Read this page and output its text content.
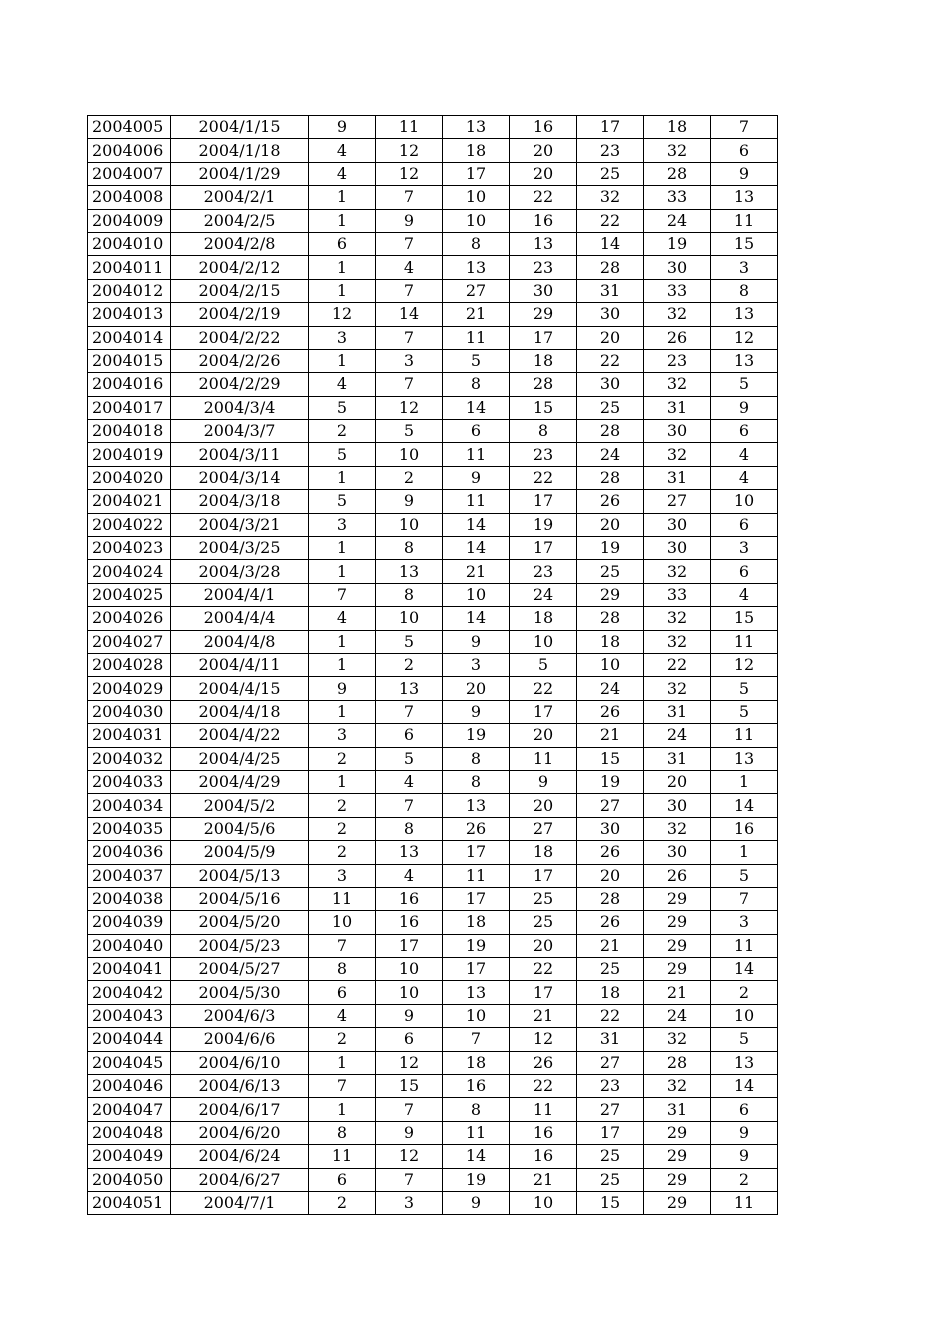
2004005	2004/1/15	9	11	13	16	17	18	7
2004006	2004/1/18	4	12	18	20	23	32	6
2004007	2004/1/29	4	12	17	20	25	28	9
2004008	2004/2/1	1	7	10	22	32	33	13
2004009	2004/2/5	1	9	10	16	22	24	11
2004010	2004/2/8	6	7	8	13	14	19	15
2004011	2004/2/12	1	4	13	23	28	30	3
2004012	2004/2/15	1	7	27	30	31	33	8
2004013	2004/2/19	12	14	21	29	30	32	13
2004014	2004/2/22	3	7	11	17	20	26	12
2004015	2004/2/26	1	3	5	18	22	23	13
2004016	2004/2/29	4	7	8	28	30	32	5
2004017	2004/3/4	5	12	14	15	25	31	9
2004018	2004/3/7	2	5	6	8	28	30	6
2004019	2004/3/11	5	10	11	23	24	32	4
2004020	2004/3/14	1	2	9	22	28	31	4
2004021	2004/3/18	5	9	11	17	26	27	10
2004022	2004/3/21	3	10	14	19	20	30	6
2004023	2004/3/25	1	8	14	17	19	30	3
2004024	2004/3/28	1	13	21	23	25	32	6
2004025	2004/4/1	7	8	10	24	29	33	4
2004026	2004/4/4	4	10	14	18	28	32	15
2004027	2004/4/8	1	5	9	10	18	32	11
2004028	2004/4/11	1	2	3	5	10	22	12
2004029	2004/4/15	9	13	20	22	24	32	5
2004030	2004/4/18	1	7	9	17	26	31	5
2004031	2004/4/22	3	6	19	20	21	24	11
2004032	2004/4/25	2	5	8	11	15	31	13
2004033	2004/4/29	1	4	8	9	19	20	1
2004034	2004/5/2	2	7	13	20	27	30	14
2004035	2004/5/6	2	8	26	27	30	32	16
2004036	2004/5/9	2	13	17	18	26	30	1
2004037	2004/5/13	3	4	11	17	20	26	5
2004038	2004/5/16	11	16	17	25	28	29	7
2004039	2004/5/20	10	16	18	25	26	29	3
2004040	2004/5/23	7	17	19	20	21	29	11
2004041	2004/5/27	8	10	17	22	25	29	14
2004042	2004/5/30	6	10	13	17	18	21	2
2004043	2004/6/3	4	9	10	21	22	24	10
2004044	2004/6/6	2	6	7	12	31	32	5
2004045	2004/6/10	1	12	18	26	27	28	13
2004046	2004/6/13	7	15	16	22	23	32	14
2004047	2004/6/17	1	7	8	11	27	31	6
2004048	2004/6/20	8	9	11	16	17	29	9
2004049	2004/6/24	11	12	14	16	25	29	9
2004050	2004/6/27	6	7	19	21	25	29	2
2004051	2004/7/1	2	3	9	10	15	29	11
